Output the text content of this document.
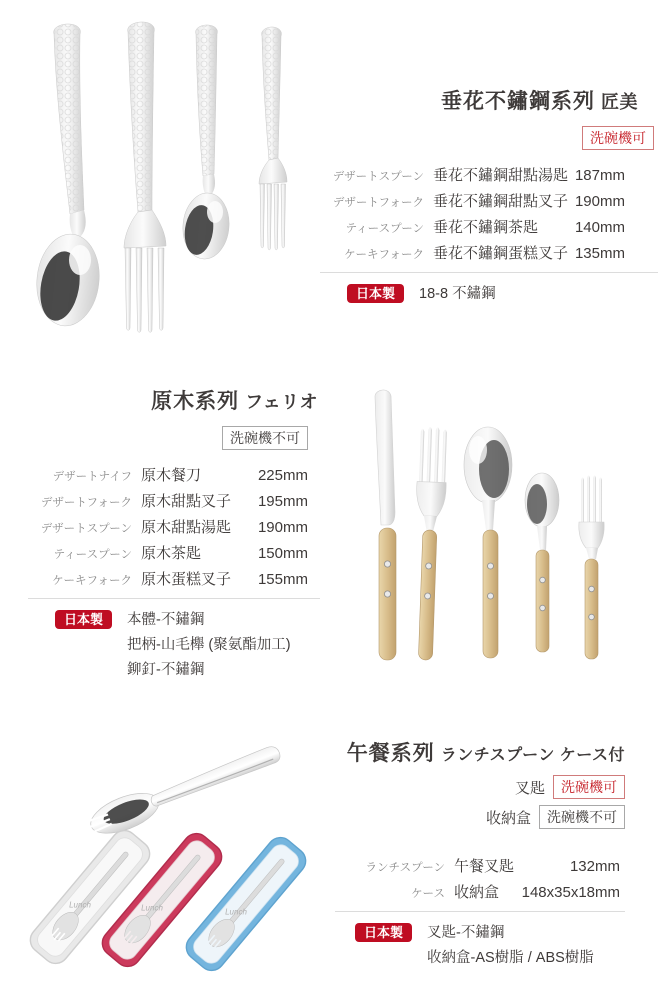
垂花不鏽鋼系列 匠美
洗碗機可
デザートスプーン 垂花不鏽鋼甜點湯匙 187mm
デザートフォーク 垂花不鏽鋼甜點叉子 190mm
ティースプーン 垂花不鏽鋼茶匙	140mm
ケーキフォーク 垂花不鏽鋼蛋糕叉子 135mm
日本製	18-8 不鏽鋼
原木系列 フェリオ
洗碗機不可
デザートナイフ 原木餐刀	225mm
デザートフォーク 原木甜點叉子	195mm
デザートスプーン 原木甜點湯匙	190mm
ティースプーン 原木茶匙	150mm
ケーキフォーク 原木蛋糕叉子	155mm
日本製	本體-不鏽鋼
把柄-山毛櫸 (聚氨酯加工)
鉚釘-不鏽鋼
Lunch	Lunch	Lunch
午餐系列 ランチスプーン ケース付
叉匙	洗碗機可
收納盒	洗碗機不可
ランチスプーン 午餐叉匙	132mm
ケース 收納盒	148x35x18mm
日本製	叉匙-不鏽鋼
收納盒-AS樹脂 / ABS樹脂
